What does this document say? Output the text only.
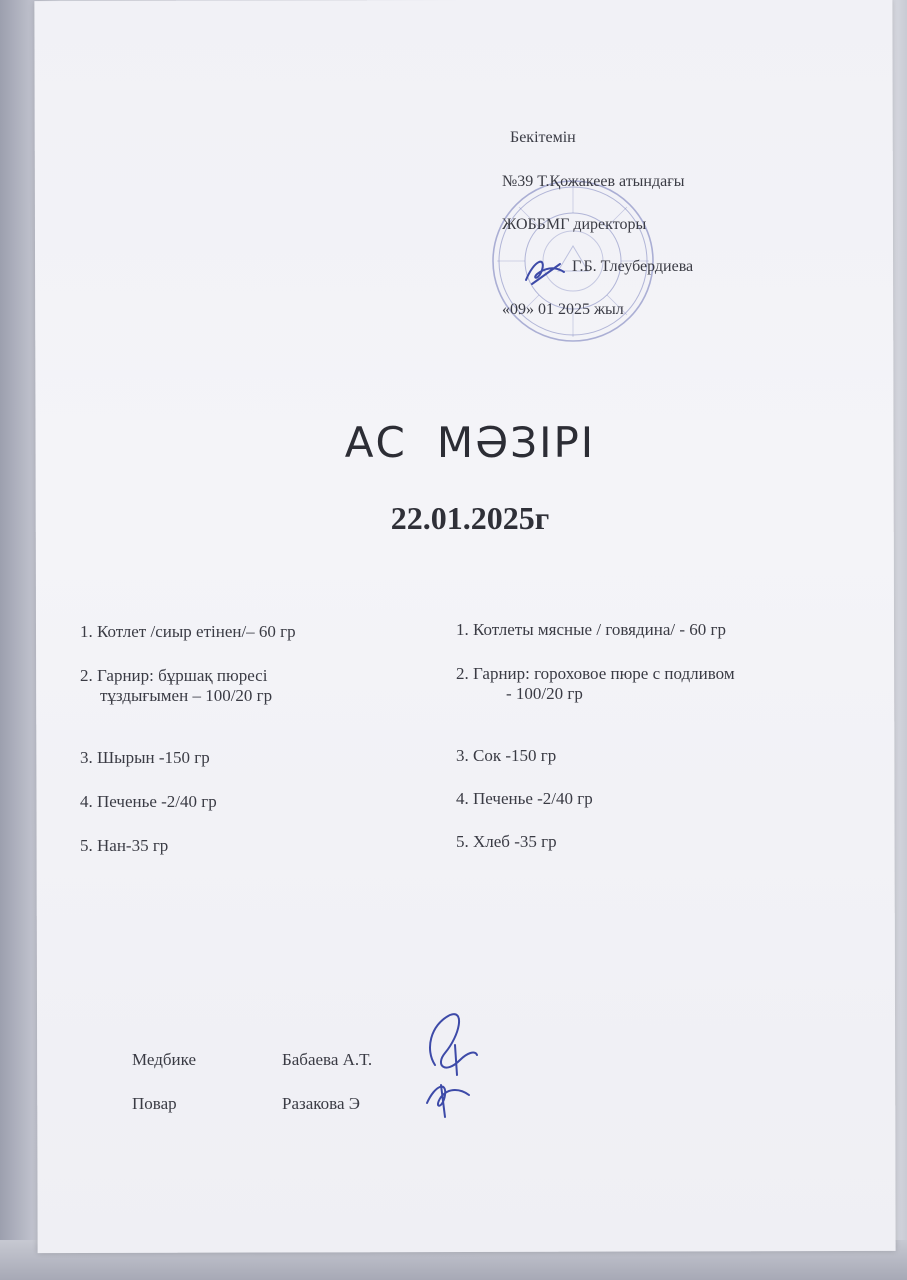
Бекітемін
№39 Т.Қожакеев атындағы
ЖОББМГ директоры
Г.Б. Тлеубердиева
«09» 01 2025 жыл
АС МӘЗІРІ
22.01.2025г
1. Котлет /сиыр етінен/– 60 гр
2. Гарнир: бұршақ пюресі
тұздығымен – 100/20 гр
3. Шырын -150 гр
4. Печенье -2/40 гр
5. Нан-35 гр
1. Котлеты мясные / говядина/ - 60 гр
2. Гарнир: гороховое пюре с подливом
- 100/20 гр
3. Сок -150 гр
4. Печенье -2/40 гр
5. Хлеб -35 гр
Медбике	Бабаева А.Т.
Повар	Разакова Э
